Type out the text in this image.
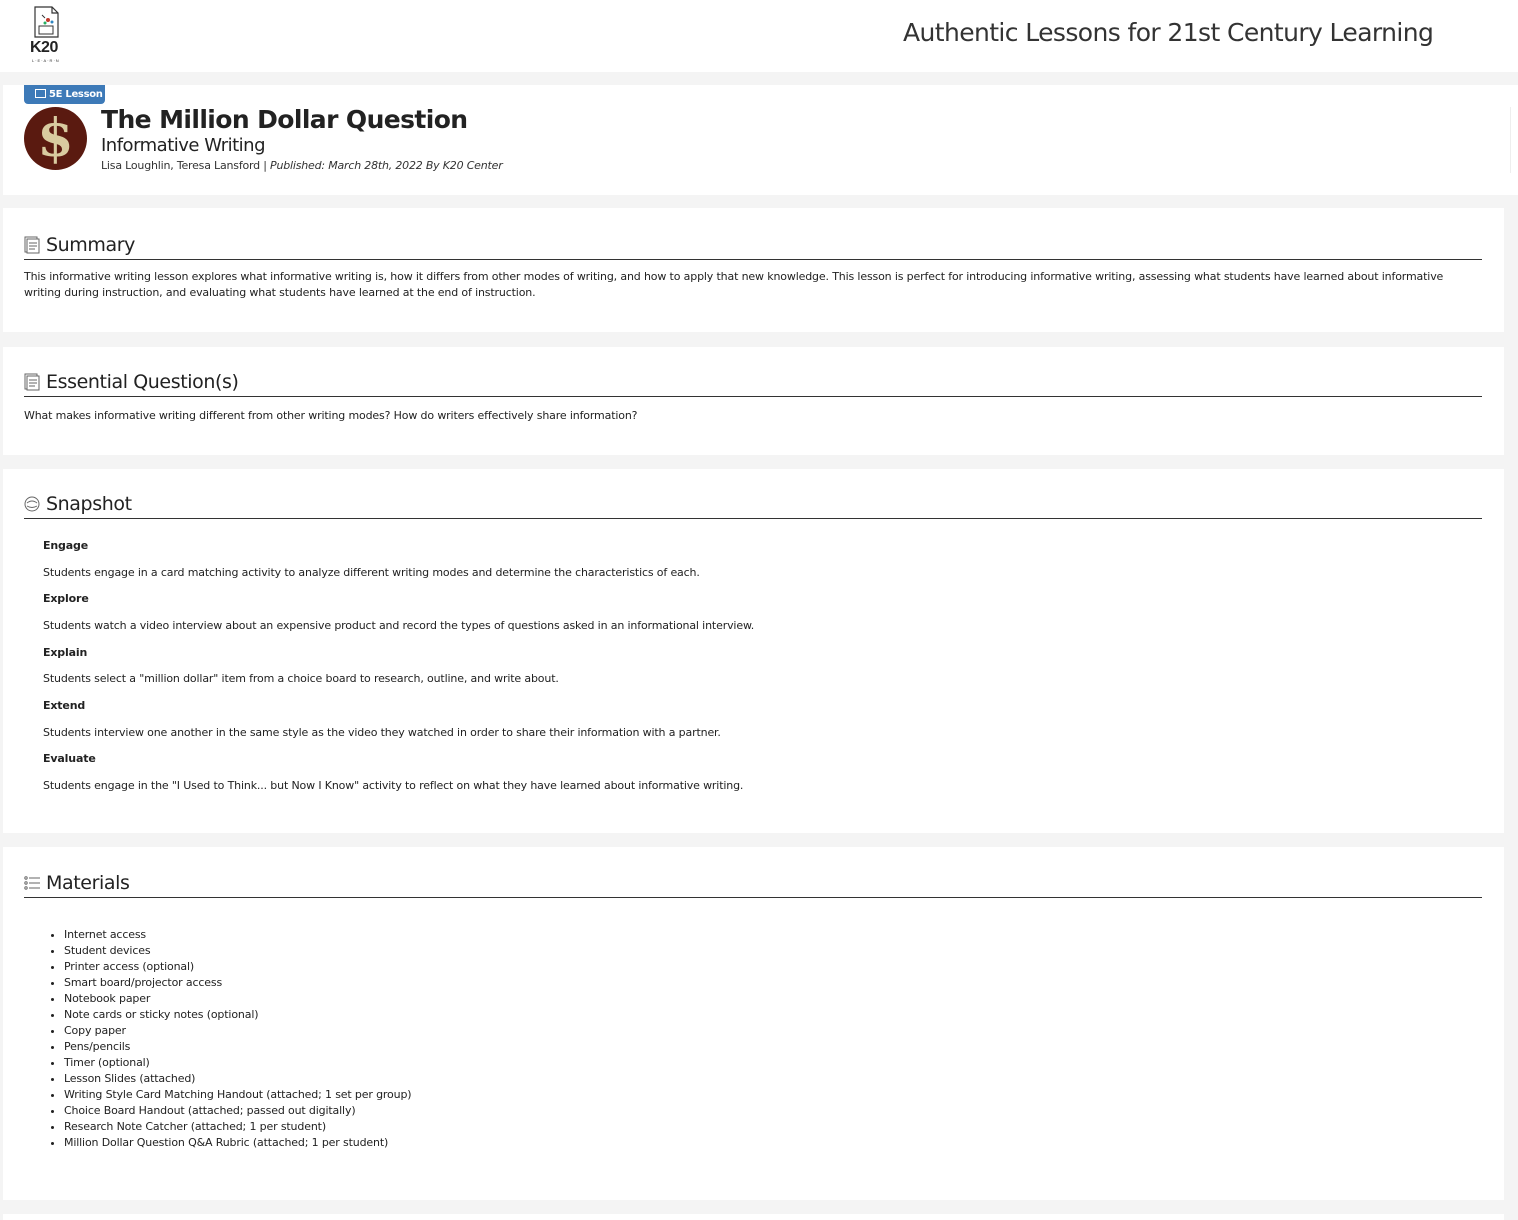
K20
L·E·A·R·N
Authentic Lessons for 21st Century Learning
5E Lesson
$	The Million Dollar Question
Informative Writing
Lisa Loughlin, Teresa Lansford | Published: March 28th, 2022 By K20 Center
Summary
This informative writing lesson explores what informative writing is, how it differs from other modes of writing, and how to apply that new knowledge. This lesson is perfect for introducing informative writing, assessing what students have learned about informative writing during instruction, and evaluating what students have learned at the end of instruction.
Essential Question(s)
What makes informative writing different from other writing modes? How do writers effectively share information?
Snapshot
Engage
Students engage in a card matching activity to analyze different writing modes and determine the characteristics of each.
Explore
Students watch a video interview about an expensive product and record the types of questions asked in an informational interview.
Explain
Students select a "million dollar" item from a choice board to research, outline, and write about.
Extend
Students interview one another in the same style as the video they watched in order to share their information with a partner.
Evaluate
Students engage in the "I Used to Think... but Now I Know" activity to reflect on what they have learned about informative writing.
Materials
• Internet access
• Student devices
• Printer access (optional)
• Smart board/projector access
• Notebook paper
• Note cards or sticky notes (optional)
• Copy paper
• Pens/pencils
• Timer (optional)
• Lesson Slides (attached)
• Writing Style Card Matching Handout (attached; 1 set per group)
• Choice Board Handout (attached; passed out digitally)
• Research Note Catcher (attached; 1 per student)
• Million Dollar Question Q&A Rubric (attached; 1 per student)
